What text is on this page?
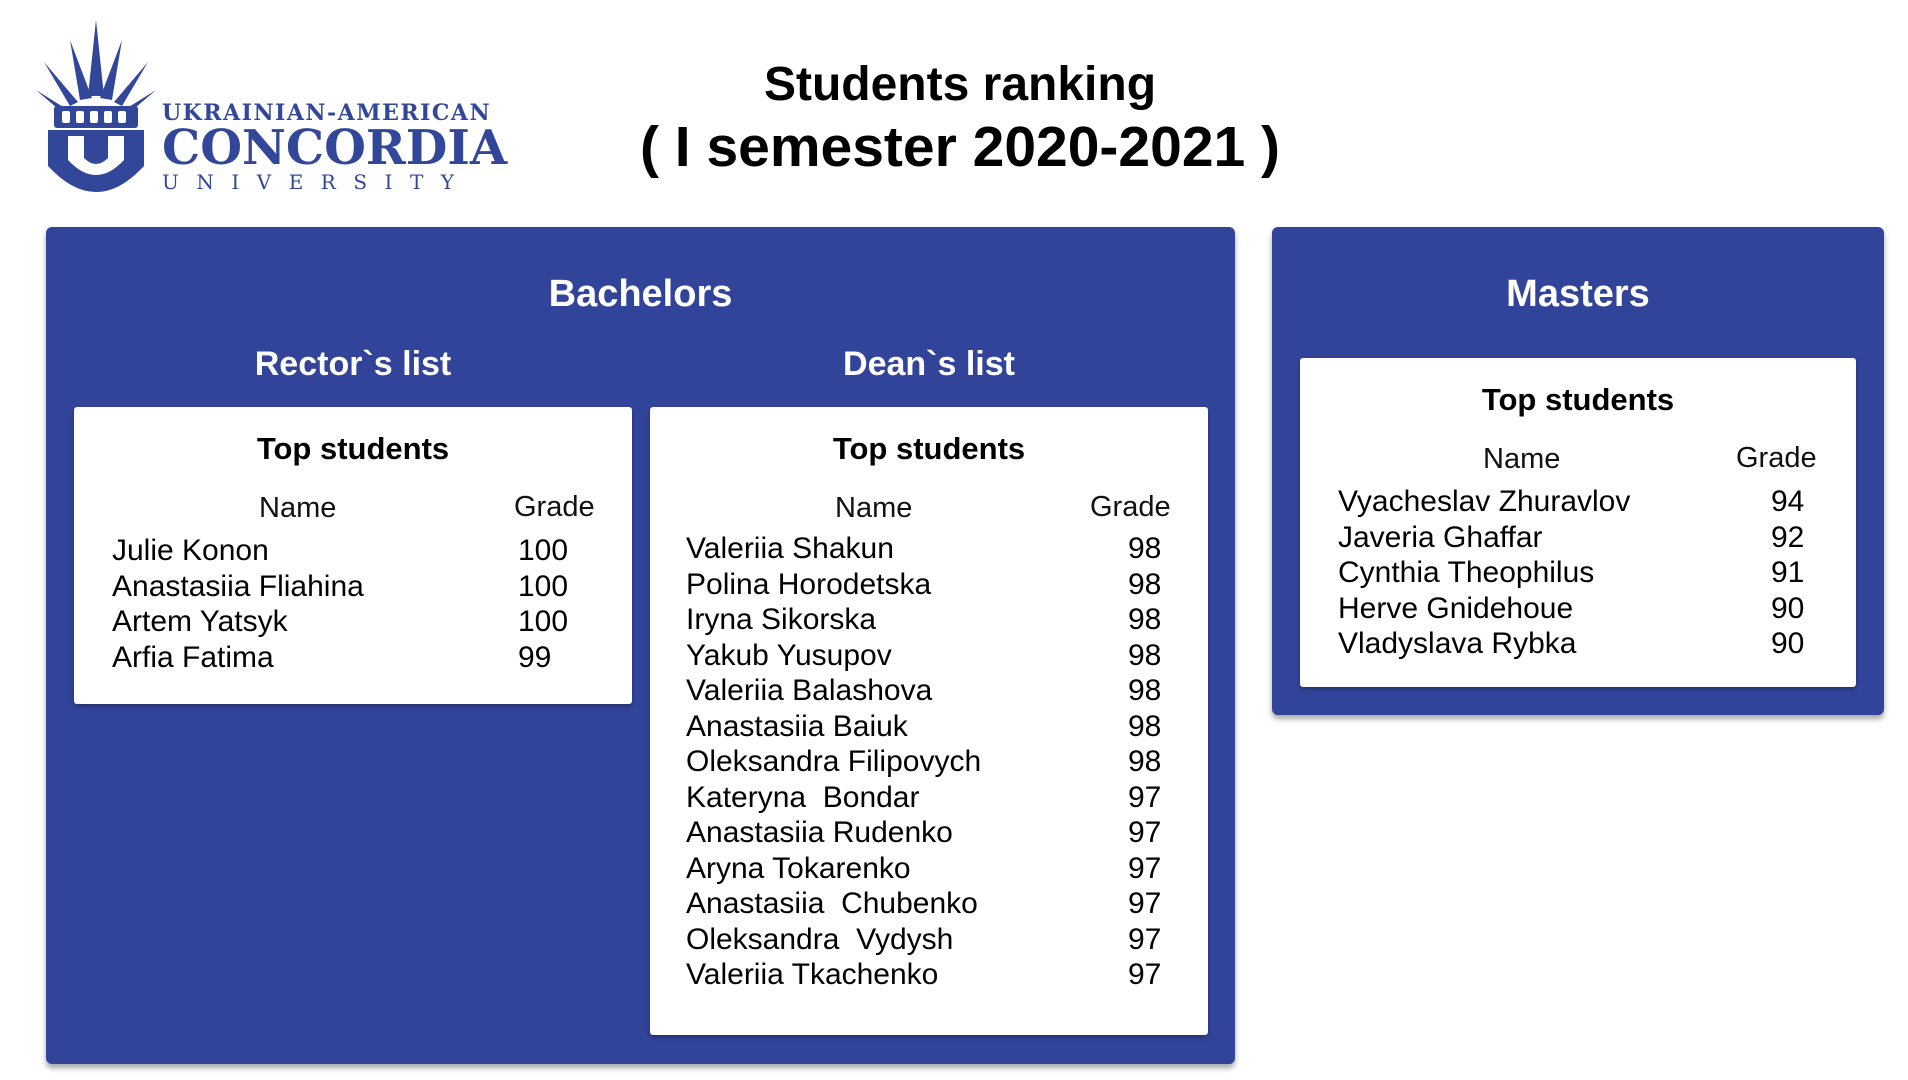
UKRAINIAN-AMERICAN
CONCORDIA
UNIVERSITY
Students ranking
( I semester 2020-2021 )
Bachelors
Rector`s list	Dean`s list
Top students
Name	Grade
Julie Konon	100
Anastasiia Fliahina	100
Artem Yatsyk	100
Arfia Fatima	99
Top students
Name	Grade
Valeriia Shakun	98
Polina Horodetska	98
Iryna Sikorska	98
Yakub Yusupov	98
Valeriia Balashova	98
Anastasiia Baiuk	98
Oleksandra Filipovych	98
Kateryna  Bondar	97
Anastasiia Rudenko	97
Aryna Tokarenko	97
Anastasiia  Chubenko	97
Oleksandra  Vydysh	97
Valeriia Tkachenko	97
Masters
Top students
Name	Grade
Vyacheslav Zhuravlov	94
Javeria Ghaffar	92
Cynthia Theophilus	91
Herve Gnidehoue	90
Vladyslava Rybka	90
